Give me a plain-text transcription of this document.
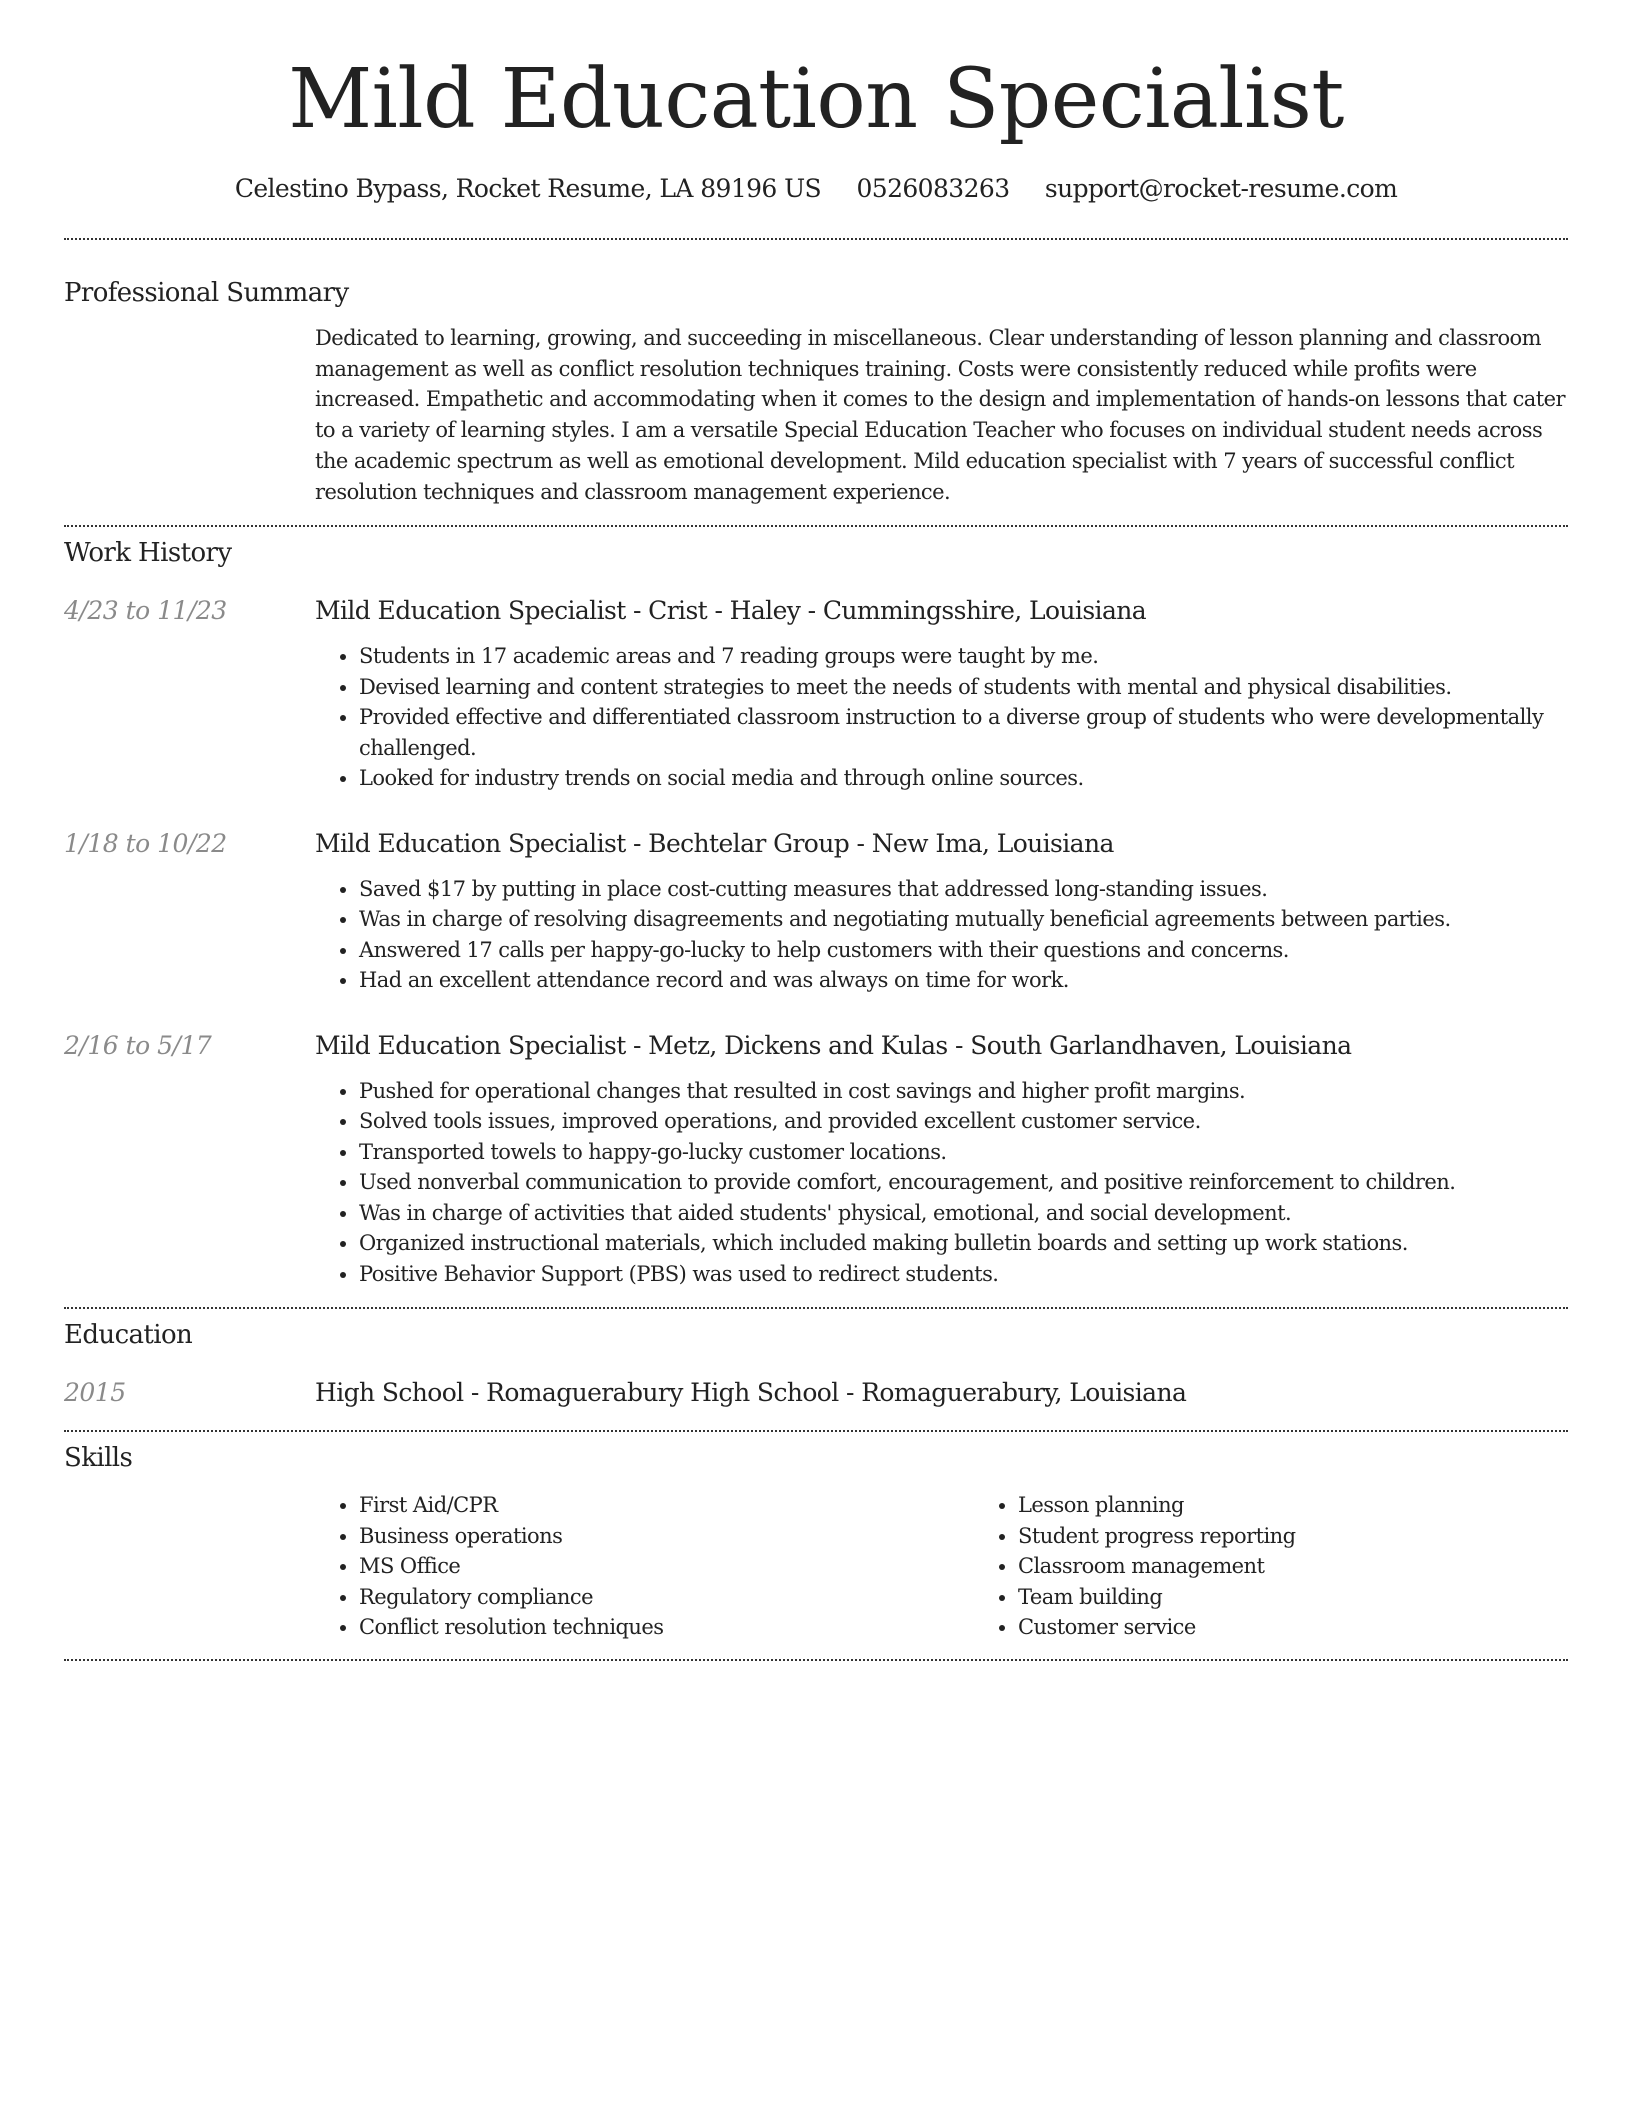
Mild Education Specialist
Celestino Bypass, Rocket Resume, LA 89196 US 0526083263 support@rocket-resume.com
Professional Summary

Dedicated to learning, growing, and succeeding in miscellaneous. Clear understanding of lesson planning and classroom management as well as conflict resolution techniques training. Costs were consistently reduced while profits were increased. Empathetic and accommodating when it comes to the design and implementation of hands-on lessons that cater to a variety of learning styles. I am a versatile Special Education Teacher who focuses on individual student needs across the academic spectrum as well as emotional development. Mild education specialist with 7 years of successful conflict resolution techniques and classroom management experience.

Work History
4/23 to 11/23	Mild Education Specialist - Crist - Haley - Cummingsshire, Louisiana
• Students in 17 academic areas and 7 reading groups were taught by me.
• Devised learning and content strategies to meet the needs of students with mental and physical disabilities.
• Provided effective and differentiated classroom instruction to a diverse group of students who were developmentally challenged.
• Looked for industry trends on social media and through online sources.
1/18 to 10/22	Mild Education Specialist - Bechtelar Group - New Ima, Louisiana
• Saved $17 by putting in place cost-cutting measures that addressed long-standing issues.
• Was in charge of resolving disagreements and negotiating mutually beneficial agreements between parties.
• Answered 17 calls per happy-go-lucky to help customers with their questions and concerns.
• Had an excellent attendance record and was always on time for work.
2/16 to 5/17	Mild Education Specialist - Metz, Dickens and Kulas - South Garlandhaven, Louisiana
• Pushed for operational changes that resulted in cost savings and higher profit margins.
• Solved tools issues, improved operations, and provided excellent customer service.
• Transported towels to happy-go-lucky customer locations.
• Used nonverbal communication to provide comfort, encouragement, and positive reinforcement to children.
• Was in charge of activities that aided students' physical, emotional, and social development.
• Organized instructional materials, which included making bulletin boards and setting up work stations.
• Positive Behavior Support (PBS) was used to redirect students.
Education
2015	High School - Romaguerabury High School - Romaguerabury, Louisiana
Skills
• First Aid/CPR
• Business operations
• MS Office
• Regulatory compliance
• Conflict resolution techniques
• Lesson planning
• Student progress reporting
• Classroom management
• Team building
• Customer service
